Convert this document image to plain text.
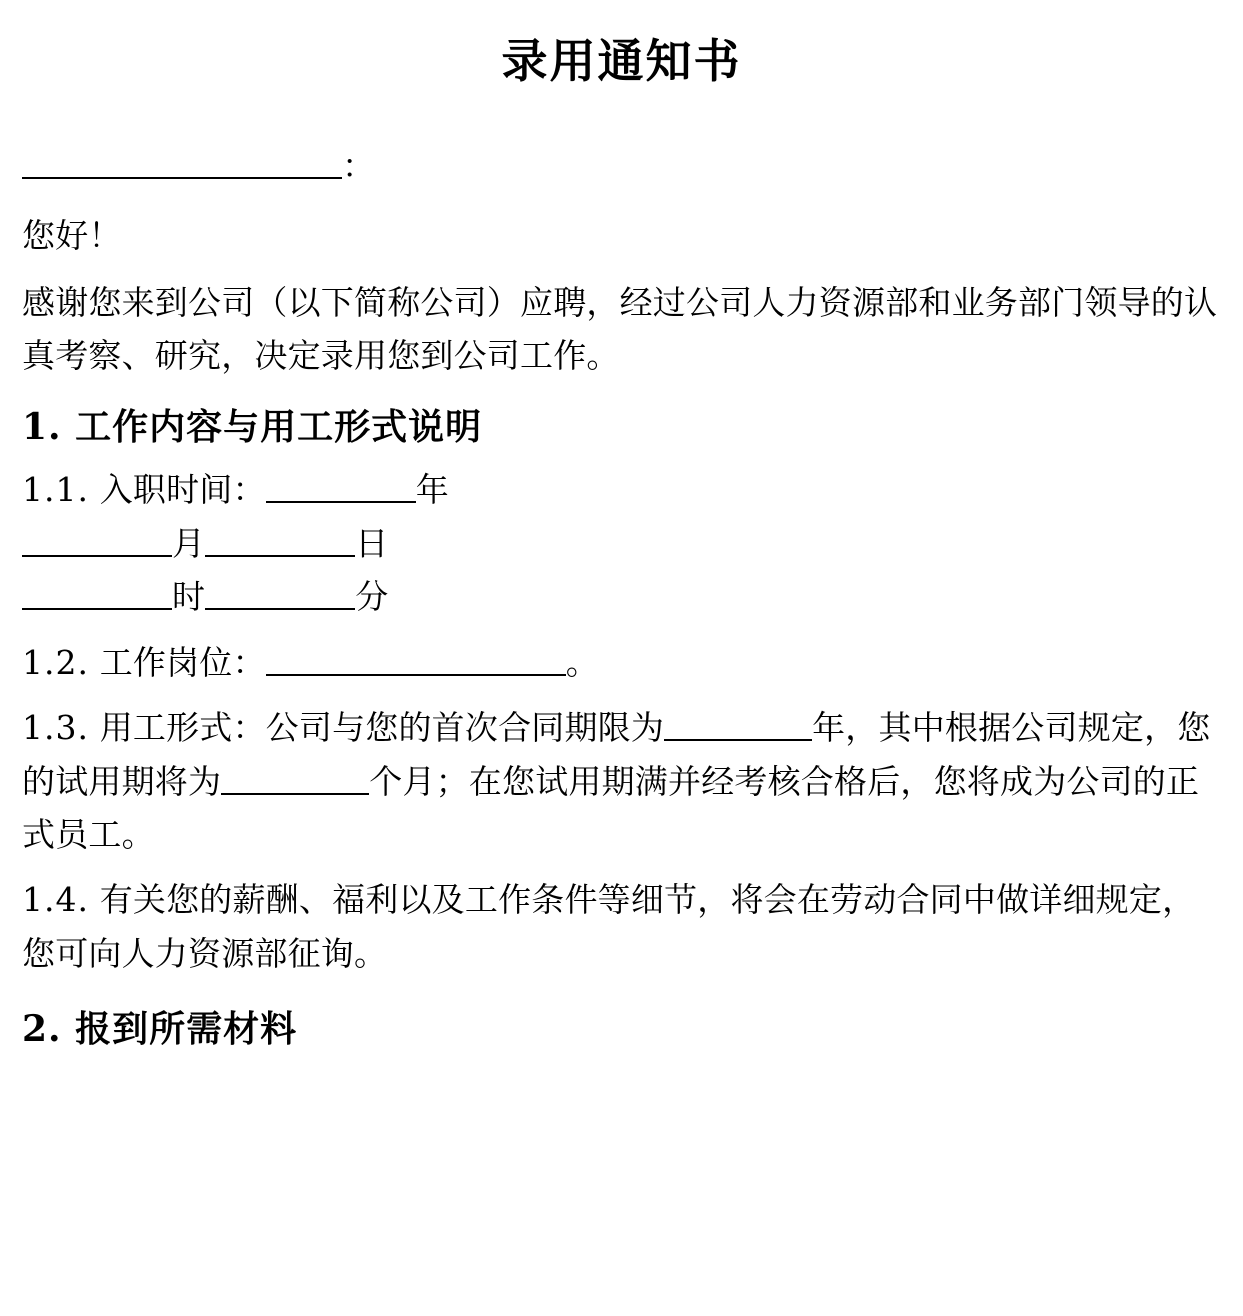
录用通知书
：

您好！

感谢您来到公司（以下简称公司）应聘，经过公司人力资源部和业务部门领导的认真考察、研究，决定录用您到公司工作。

1. 工作内容与用工形式说明

1.1. 入职时间：	年月	日时	分

1.2. 工作岗位：	。

1.3. 用工形式：公司与您的首次合同期限为	年，其中根据公司规定，您的试用期将为	个月；在您试用期满并经考核合格后，您将成为公司的正式员工。

1.4. 有关您的薪酬、福利以及工作条件等细节，将会在劳动合同中做详细规定，您可向人力资源部征询。

2. 报到所需材料
